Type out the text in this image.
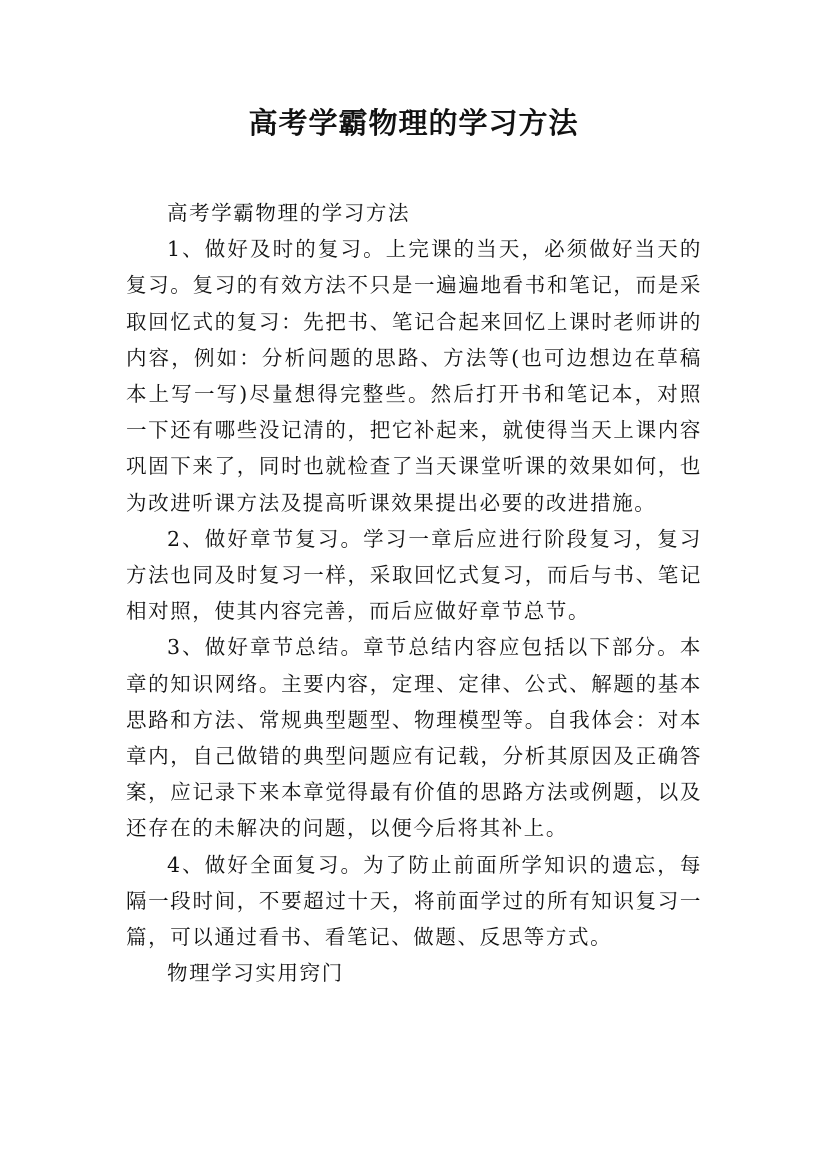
高考学霸物理的学习方法

高考学霸物理的学习方法

1、做好及时的复习。上完课的当天，必须做好当天的复习。复习的有效方法不只是一遍遍地看书和笔记，而是采取回忆式的复习：先把书、笔记合起来回忆上课时老师讲的内容，例如：分析问题的思路、方法等(也可边想边在草稿本上写一写)尽量想得完整些。然后打开书和笔记本，对照一下还有哪些没记清的，把它补起来，就使得当天上课内容巩固下来了，同时也就检查了当天课堂听课的效果如何，也为改进听课方法及提高听课效果提出必要的改进措施。

2、做好章节复习。学习一章后应进行阶段复习，复习方法也同及时复习一样，采取回忆式复习，而后与书、笔记相对照，使其内容完善，而后应做好章节总节。

3、做好章节总结。章节总结内容应包括以下部分。本章的知识网络。主要内容，定理、定律、公式、解题的基本思路和方法、常规典型题型、物理模型等。自我体会：对本章内，自己做错的典型问题应有记载，分析其原因及正确答案，应记录下来本章觉得最有价值的思路方法或例题，以及还存在的未解决的问题，以便今后将其补上。

4、做好全面复习。为了防止前面所学知识的遗忘，每隔一段时间，不要超过十天，将前面学过的所有知识复习一篇，可以通过看书、看笔记、做题、反思等方式。

物理学习实用窍门
